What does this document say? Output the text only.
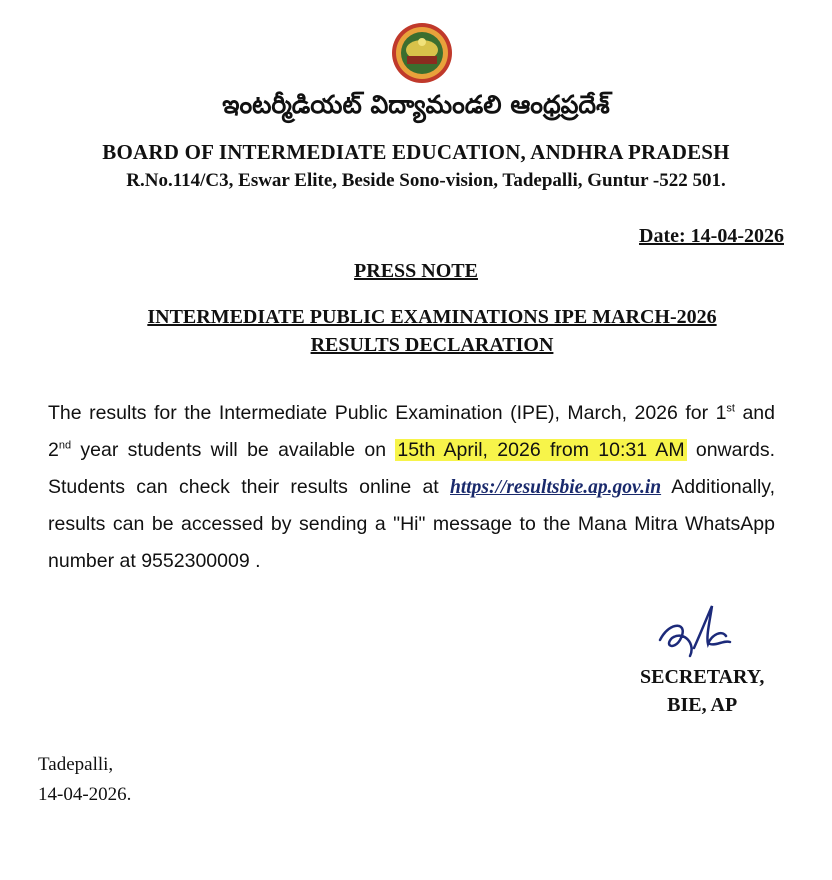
ఇంటర్మీడియట్ విద్యామండలి ఆంధ్రప్రదేశ్
BOARD OF INTERMEDIATE EDUCATION, ANDHRA PRADESH
R.No.114/C3, Eswar Elite, Beside Sono-vision, Tadepalli, Guntur -522 501.
Date: 14-04-2026
PRESS NOTE
INTERMEDIATE PUBLIC EXAMINATIONS IPE MARCH-2026
RESULTS DECLARATION
The results for the Intermediate Public Examination (IPE), March, 2026 for 1st and 2nd year students will be available on 15th April, 2026 from 10:31 AM onwards. Students can check their results online at https://resultsbie.ap.gov.in Additionally, results can be accessed by sending a "Hi" message to the Mana Mitra WhatsApp number at 9552300009 .
SECRETARY,
BIE, AP
Tadepalli,
14-04-2026.
